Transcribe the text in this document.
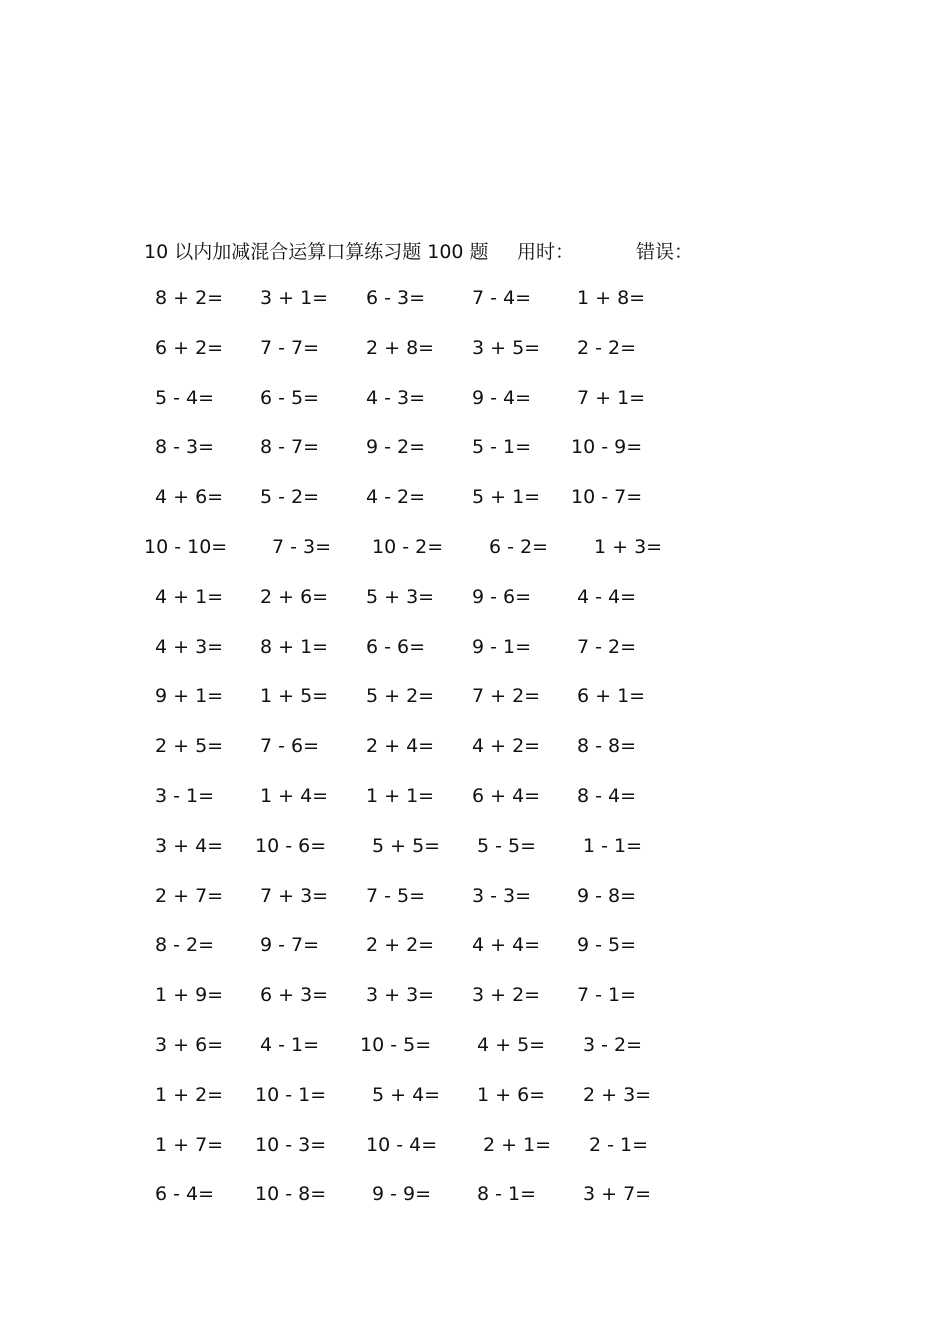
10 以内加减混合运算口算练习题 100 题 用时：	错误：
8 + 2= 3 + 1= 6 - 3= 7 - 4= 1 + 8=
6 + 2= 7 - 7= 2 + 8= 3 + 5= 2 - 2=
5 - 4= 6 - 5= 4 - 3= 9 - 4= 7 + 1=
8 - 3= 8 - 7= 9 - 2= 5 - 1= 10 - 9=
4 + 6= 5 - 2= 4 - 2= 5 + 1= 10 - 7=
10 - 10= 7 - 3= 10 - 2= 6 - 2= 1 + 3=
4 + 1= 2 + 6= 5 + 3= 9 - 6= 4 - 4=
4 + 3= 8 + 1= 6 - 6= 9 - 1= 7 - 2=
9 + 1= 1 + 5= 5 + 2= 7 + 2= 6 + 1=
2 + 5= 7 - 6= 2 + 4= 4 + 2= 8 - 8=
3 - 1= 1 + 4= 1 + 1= 6 + 4= 8 - 4=
3 + 4= 10 - 6= 5 + 5= 5 - 5= 1 - 1=
2 + 7= 7 + 3= 7 - 5= 3 - 3= 9 - 8=
8 - 2= 9 - 7= 2 + 2= 4 + 4= 9 - 5=
1 + 9= 6 + 3= 3 + 3= 3 + 2= 7 - 1=
3 + 6= 4 - 1= 10 - 5= 4 + 5= 3 - 2=
1 + 2= 10 - 1= 5 + 4= 1 + 6= 2 + 3=
1 + 7= 10 - 3= 10 - 4= 2 + 1= 2 - 1=
6 - 4= 10 - 8= 9 - 9= 8 - 1= 3 + 7=
